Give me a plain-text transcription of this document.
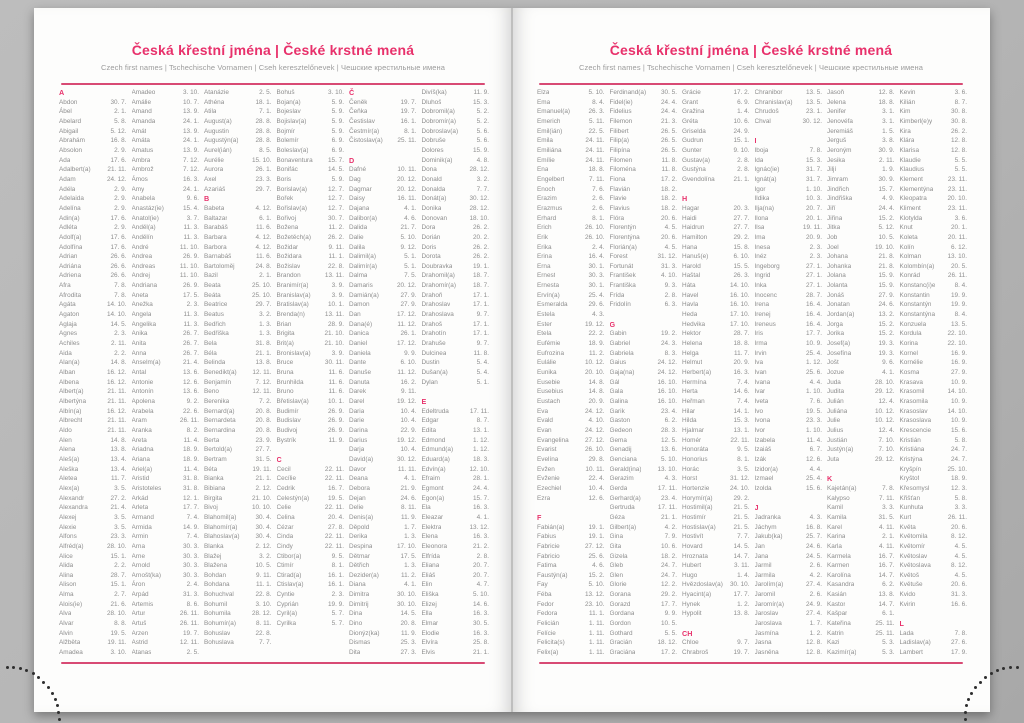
Česká křestní jména | České krstné mená
Czech first names | Tschechische Vornamen | Cseh keresztelőnevek | Чешские крестильные имена
A
Abdon	30. 7.
Ábel	2. 1.
Abelard	5. 8.
Abigail	5. 12.
Abrahám	16. 8.
Absolon	2. 9.
Ada	17. 6.
Adalbert(a)	21. 11.
Adam	24. 12.
Adéla	2. 9.
Adelaida	2. 9.
Adelína	2. 9.
Adin(a)	17. 6.
Adléta	2. 9.
Adolf(a)	17. 6.
Adolfína	17. 6.
Adrian	26. 6.
Adriána	26. 6.
Adriena	26. 6.
Afra	7. 8.
Afrodita	7. 8.
Agáta	14. 10.
Agaton	14. 10.
Aglaja	14. 5.
Agnes	2. 3.
Achiles	2. 11.
Aida	2. 2.
Alan(a)	14. 8.
Alban	16. 12.
Albena	16. 12.
Albert(a)	21. 11.
Albertýna	21. 11.
Albín(a)	16. 12.
Albrecht	21. 11.
Aldo	21. 11.
Alen	14. 8.
Alena	13. 8.
Aleš(a)	13. 4.
Aleška	13. 4.
Aletea	11. 7.
Alex(a)	3. 5.
Alexandr	27. 2.
Alexandra	21. 4.
Alexej	3. 5.
Alexie	3. 5.
Alfons	23. 3.
Alfréd(a)	28. 10.
Alice	15. 1.
Alida	2. 2.
Alina	28. 7.
Alison	15. 1.
Alma	2. 7.
Alois(ie)	21. 6.
Alva	28. 10.
Alvar	8. 8.
Alvin	19. 5.
Alžběta	19. 11.
Amadea	3. 10.
Amadeo	3. 10.
Amálie	10. 7.
Amand	13. 9.
Amanda	24. 1.
Amát	13. 9.
Amáta	24. 1.
Amatus	13. 9.
Ambra	7. 12.
Ambrož	7. 12.
Ámos	16. 3.
Amy	24. 1.
Anabela	9. 6.
Anastáz(ie)	15. 4.
Anatol(ie)	3. 7.
Anděl(a)	11. 3.
Andělín	11. 3.
André	11. 10.
Andrea	26. 9.
Andreas	11. 10.
Andrej	11. 10.
Andriana	26. 9.
Aneta	17. 5.
Anežka	2. 3.
Angela	11. 3.
Angelika	11. 3.
Anika	26. 7.
Anita	26. 7.
Anna	26. 7.
Anselm(a)	21. 4.
Antal	13. 6.
Antonie	12. 6.
Antonín	13. 6.
Apolena	9. 2.
Arabela	22. 6.
Aram	26. 11.
Aranka	8. 2.
Areta	11. 4.
Ariadna	18. 9.
Ariana	18. 9.
Ariel(a)	11. 4.
Aristid	31. 8.
Aristoteles	31. 8.
Arkád	12. 1.
Arleta	17. 7.
Armand	7. 4.
Armida	14. 9.
Armin	7. 4.
Arna	30. 3.
Arne	30. 3.
Arnold	30. 3.
Arnošt(ka)	30. 3.
Áron	2. 4.
Arpád	31. 3.
Artemis	8. 6.
Artur	26. 11.
Artuš	26. 11.
Arzen	19. 7.
Astrid	12. 11.
Atanas	2. 5.
Atanázie	2. 5.
Athéna	18. 1.
Atila	7. 1.
August(a)	28. 8.
Augustin	28. 8.
Augustýn(a)	28. 8.
Aurel(ián)	8. 5.
Aurélie	15. 10.
Aurora	26. 1.
Axel	23. 3.
Azariáš	29. 7.
B
Babeta	4. 12.
Baltazar	6. 1.
Barabáš	11. 6.
Barbara	4. 12.
Barbora	4. 12.
Barnabáš	11. 6.
Bartoloměj	24. 8.
Bazil	2. 1.
Beata	25. 10.
Beáta	25. 10.
Beatrice	29. 7.
Beatus	3. 2.
Bedřich	1. 3.
Bedřiška	1. 3.
Bela	31. 8.
Béla	21. 1.
Belinda	13. 8.
Benedikt(a)	12. 11.
Benjamín	7. 12.
Beno	12. 11.
Berenika	7. 2.
Bernard(a)	20. 8.
Bernardeta	20. 8.
Bernardina	20. 8.
Berta	23. 9.
Bertold(a)	27. 7.
Bertram	31. 5.
Béta	19. 11.
Bianka	21. 1.
Bibiana	2. 12.
Birgita	21. 10.
Bivoj	10. 10.
Blahomil(a)	30. 4.
Blahomír(a)	30. 4.
Blahoslav(a)	30. 4.
Blanka	2. 12.
Blažej	3. 2.
Blažena	10. 5.
Bohdan	9. 11.
Bohdana	11. 1.
Bohuchval	22. 8.
Bohumil	3. 10.
Bohumila	28. 12.
Bohumír(a)	8. 11.
Bohuslav	22. 8.
Bohuslava	7. 7.
Bohuš	3. 10.
Bojan(a)	5. 9.
Bojeslav	5. 9.
Bojislav(a)	5. 9.
Bojmír	5. 9.
Bolemír	6. 9.
Boleslav(a)	6. 9.
Bonaventura	15. 7.
Bonifác	14. 5.
Boris	5. 9.
Borislav(a)	12. 7.
Bořek	12. 7.
Bořislav(a)	12. 7.
Bořivoj	30. 7.
Božena	11. 2.
Božetěch(a)	26. 2.
Božidar	9. 11.
Božidara	11. 1.
Božislav	22. 8.
Brandon	13. 11.
Branimír(a)	3. 9.
Branislav(a)	3. 9.
Bratislav(a)	10. 1.
Brenda(n)	13. 11.
Brian	28. 9.
Brigita	21. 10.
Brit(a)	21. 10.
Bronislav(a)	3. 9.
Bruce	30. 11.
Bruna	11. 6.
Brunhilda	11. 6.
Bruno	11. 6.
Břetislav(a)	10. 1.
Budimír	26. 9.
Budislav	26. 9.
Budivoj	26. 9.
Bystrík	11. 9.
C
Cecil	22. 11.
Cecílie	22. 11.
Cedrik	16. 7.
Celestýn(a)	19. 5.
Celie	22. 11.
Celina	20. 4.
Cézar	27. 8.
Cinda	22. 11.
Cindy	22. 11.
Ctibor(a)	9. 5.
Ctimír	8. 1.
Ctirad(a)	16. 1.
Ctislav(a)	16. 1.
Cyntie	2. 3.
Cyprián	19. 9.
Cyril(a)	5. 7.
Cyrilka	5. 7.
Č
Čeněk	19. 7.
Čeňka	19. 7.
Čestislav	16. 1.
Čestmír(a)	8. 1.
Čistoslav(a)	25. 11.
D
Dafné	10. 11.
Dag	20. 12.
Dagmar	20. 12.
Daisy	16. 11.
Dajana	4. 1.
Dalibor(a)	4. 6.
Dalida	21. 7.
Dalie	5. 10.
Dalila	9. 12.
Dalimil(a)	5. 1.
Dalimír(a)	5. 1.
Dalma	7. 5.
Damaris	20. 12.
Damián(a)	27. 9.
Damon	27. 9.
Dan	17. 12.
Dana(é)	11. 12.
Danica	26. 1.
Daniel	17. 12.
Daniela	9. 9.
Dante	6. 10.
Danuše	11. 12.
Danuta	16. 2.
Darek	9. 11.
Darel	19. 12.
Daria	10. 4.
Darie	10. 4.
Darina	22. 9.
Darius	19. 12.
Darja	10. 4.
David(a)	30. 12.
Davor	11. 11.
Deana	4. 1.
Debora	21. 9.
Dejan	24. 6.
Delie	8. 11.
Denis(a)	11. 9.
Děpold	1. 7.
Derika	1. 3.
Despina	17. 10.
Dětmar	17. 5.
Dětřich	1. 3.
Dezider(a)	11. 2.
Diana	4. 1.
Dimitra	30. 10.
Dimitrij	30. 10.
Dina	14. 5.
Dino	20. 8.
Dionýz(ka)	11. 9.
Dismas	25. 3.
Dita	27. 3.
Divíš(ka)	11. 9.
Dluhoš	15. 3.
Dobromil(a)	5. 2.
Dobromír(a)	5. 2.
Dobroslav(a)	5. 6.
Dobruše	5. 6.
Dolores	15. 9.
Dominik(a)	4. 8.
Dona	28. 12.
Donald	3. 2.
Donalda	7. 7.
Donát(a)	30. 12.
Donika	28. 12.
Donovan	18. 10.
Dora	26. 2.
Dorián	20. 2.
Doris	26. 2.
Dorota	26. 2.
Doubravka	19. 1.
Drahomil(a)	18. 7.
Drahomír(a)	18. 7.
Drahoň	17. 1.
Drahoslav	17. 1.
Drahoslava	9. 7.
Drahoš	17. 1.
Drahotín	17. 1.
Drahuše	9. 7.
Dulcinea	11. 8.
Dustin	5. 4.
Dušan(a)	5. 4.
Dylan	5. 1.
E
Edeltruda	17. 11.
Edgar	8. 7.
Edita	13. 1.
Edmond	1. 12.
Edmund(a)	1. 12.
Eduard(a)	18. 3.
Edvín(a)	12. 10.
Efraim	28. 1.
Egmont	24. 4.
Egon(a)	15. 7.
Ela	16. 3.
Eleazar	4. 1.
Elektra	13. 12.
Elena	16. 3.
Eleonora	21. 2.
Elfrída	2. 8.
Eliana	20. 7.
Eliáš	20. 7.
Elin	4. 7.
Eliška	5. 10.
Elizej	14. 6.
Ella	16. 3.
Elmar	30. 5.
Elodie	16. 3.
Elvíra	25. 8.
Elvis	21. 1.
Česká křestní jména | České krstné mená
Czech first names | Tschechische Vornamen | Cseh keresztelőnevek | Чешские крестильные имена
Elza	5. 10.
Ema	8. 4.
Emanuel(a)	26. 3.
Emerich	5. 11.
Emil(ián)	22. 5.
Emila	24. 11.
Emiliána	24. 11.
Emílie	24. 11.
Ena	18. 8.
Engelbert	7. 11.
Enoch	7. 6.
Erazim	2. 6.
Erazmus	2. 6.
Erhard	8. 1.
Erich	26. 10.
Erik	26. 10.
Erika	2. 4.
Erina	16. 4.
Erna	30. 1.
Ernest	30. 3.
Ernesta	30. 1.
Ervín(a)	25. 4.
Esmeralda	29. 6.
Estela	4. 3.
Ester	19. 12.
Etela	22. 2.
Eufémie	18. 9.
Eufrozina	11. 2.
Eulálie	10. 12.
Eunika	20. 10.
Eusebie	14. 8.
Eusebius	14. 8.
Eustach	20. 9.
Eva	24. 12.
Evald	4. 10.
Evan	24. 12.
Evangelina	27. 12.
Evarist	26. 10.
Evelína	29. 8.
Evžen	10. 11.
Evženie	22. 4.
Ezechiel	10. 4.
Ezra	12. 6.
F
Fabián(a)	19. 1.
Fabius	19. 1.
Fabricie	27. 12.
Fabricio	25. 6.
Fatima	4. 6.
Faustýn(a)	15. 2.
Fay	5. 10.
Féba	13. 12.
Fedor	23. 10.
Fedora	11. 1.
Felicián	1. 11.
Felície	1. 11.
Felicita(s)	1. 11.
Felix(a)	1. 11.
Ferdinand(a)	30. 5.
Fidel(ie)	24. 4.
Fidelius	24. 4.
Filemon	21. 3.
Filibert	26. 5.
Filip(a)	26. 5.
Filipína	26. 5.
Filomen	11. 8.
Filoména	11. 8.
Fiona	17. 2.
Flavián	18. 2.
Flavie	18. 2.
Flavius	18. 2.
Flóra	20. 6.
Florentýn	4. 5.
Florentýna	20. 6.
Florián(a)	4. 5.
Forest	31. 12.
Fortunát	31. 3.
František	4. 10.
Františka	9. 3.
Frída	2. 8.
Fridolín	6. 3.
G
Gabin	19. 2.
Gabriel	24. 3.
Gabriela	8. 3.
Gaius	24. 12.
Gaja(na)	24. 12.
Gál	16. 10.
Gala	16. 10.
Galina	16. 10.
Garik	23. 4.
Gaston	6. 2.
Gedeon	28. 3.
Gema	12. 5.
Genadij	13. 6.
Genciana	5. 10.
Gerald(ina)	13. 10.
Gerazim	4. 3.
Gerda	17. 11.
Gerhard(a)	23. 4.
Gertruda	17. 11.
Géza	21. 1.
Gilbert(a)	4. 2.
Gina	7. 9.
Gita	10. 6.
Gizela	18. 2.
Gleb	24. 7.
Glen	24. 7.
Glorie	12. 2.
Gorana	29. 2.
Gorazd	17. 7.
Gordana	9. 9.
Gordon	10. 5.
Gothard	5. 5.
Gracián	18. 12.
Graciána	17. 2.
Grácie	17. 2.
Grant	6. 9.
Gražina	1. 4.
Gréta	10. 6.
Griselda	24. 9.
Gudrun	15. 1.
Gunter	9. 10.
Gustav(a)	2. 8.
Gustýna	2. 8.
Gvendolína	21. 1.
H
Hagar	20. 3.
Haidi	27. 7.
Haidrun	27. 7.
Hamilton	29. 2.
Hana	15. 8.
Hanuš(e)	6. 10.
Harold	15. 5.
Haštal	26. 3.
Háta	14. 10.
Havel	16. 10.
Havla	16. 10.
Heda	17. 10.
Hedvika	17. 10.
Hektor	28. 7.
Helena	18. 8.
Helga	11. 7.
Helmut	20. 9.
Herbert(a)	16. 3.
Hermína	7. 4.
Herta	14. 6.
Heřman	7. 4.
Hilar	14. 1.
Hilda	15. 3.
Hjalmar	13. 1.
Homér	22. 11.
Honoráta	9. 5.
Honorius	8. 1.
Horác	3. 5.
Horst	31. 12.
Hortenzie	24. 10.
Horymír(a)	29. 2.
Hostimil(a)	21. 5.
Hostimír	21. 5.
Hostislav(a)	21. 5.
Hostivít	7. 7.
Hovard	14. 5.
Hroznata	14. 7.
Hubert	3. 11.
Hugo	1. 4.
Hvězdoslav(a)	30. 10.
Hyacint(a)	17. 7.
Hynek	1. 2.
Hypolit	13. 8.
CH
Chloe	9. 7.
Chrabroš	19. 7.
Chranibor	13. 5.
Chranislav(a)	13. 5.
Chrudoš	23. 1.
Chval	30. 12.
I
Iboja	7. 8.
Ida	15. 3.
Ignác(ie)	31. 7.
Ignát(a)	31. 7.
Igor	1. 10.
Ildika	10. 3.
Ilja(na)	20. 7.
Ilona	20. 1.
Ilsa	19. 11.
Ima	20. 9.
Inesa	2. 3.
Inéz	2. 3.
Ingeborg	27. 1.
Ingrid	27. 1.
Inka	27. 1.
Inocenc	28. 7.
Irena	16. 4.
Irenej	16. 4.
Ireneus	16. 4.
Iris	17. 7.
Irma	10. 9.
Irvin	25. 4.
Iva	1. 12.
Ivan	25. 6.
Ivana	4. 4.
Ivar	1. 10.
Iveta	7. 6.
Ivo	19. 5.
Ivona	23. 3.
Ivor	1. 10.
Izabela	11. 4.
Izaiáš	6. 7.
Izák	12. 6.
Izidor(a)	4. 4.
Izmael	25. 4.
Izolda	15. 6.
J
Jadranka	4. 3.
Jáchym	16. 8.
Jakub(ka)	25. 7.
Jan	24. 6.
Jana	24. 5.
Jarmil	2. 6.
Jarmila	4. 2.
Jarolím(a)	27. 4.
Jaromil	2. 6.
Jaromír(a)	24. 9.
Jaroslav	27. 4.
Jaroslava	1. 7.
Jasmína	1. 2.
Jasna	12. 8.
Jasněna	12. 8.
Jasoň	12. 8.
Jelena	18. 8.
Jenifer	3. 1.
Jenovéfa	3. 1.
Jeremiáš	1. 5.
Jerguš	3. 8.
Jeroným	30. 9.
Jesika	2. 11.
Jiljí	1. 9.
Jimram	30. 9.
Jindřich	15. 7.
Jindřiška	4. 9.
Jiří	24. 4.
Jiřina	15. 2.
Jitka	5. 12.
Job	10. 5.
Joel	19. 10.
Johana	21. 8.
Johanka	21. 8.
Jolana	15. 9.
Jolanta	15. 9.
Jonáš	27. 9.
Jonatan	24. 6.
Jordan(a)	13. 2.
Jorga	15. 2.
Jorika	15. 2.
Josef(a)	19. 3.
Josefína	19. 3.
Jošt	9. 6.
Jozue	4. 1.
Juda	28. 10.
Judita	29. 12.
Julián	12. 4.
Juliána	10. 12.
Julie	10. 12.
Julius	12. 4.
Justián	7. 10.
Justýn(a)	7. 10.
Juta	29. 12.
K
Kajetán(a)	7. 8.
Kalypso	7. 11.
Kamil	3. 3.
Kamila	31. 5.
Karel	4. 11.
Karina	2. 1.
Karla	4. 11.
Karmela	16. 7.
Karmen	16. 7.
Karolína	14. 7.
Kasandra	6. 2.
Kasián	13. 8.
Kastor	14. 7.
Kašpar	6. 1.
Kateřina	25. 11.
Katrin	25. 11.
Kazi	5. 3.
Kazimír(a)	5. 3.
Kevin	3. 6.
Kilián	8. 7.
Kim	30. 8.
Kimberl(e)y	30. 8.
Kira	26. 2.
Klára	12. 8.
Klarisa	12. 8.
Klaudie	5. 5.
Klaudius	5. 5.
Klement	23. 11.
Klementýna	23. 11.
Kleopatra	20. 10.
Kliment	23. 11.
Klotylda	3. 6.
Knut	20. 1.
Koleta	20. 11.
Kolín	6. 12.
Kolman	13. 10.
Kolombín(a)	20. 5.
Konrád	26. 11.
Konstanc(i)e	8. 4.
Konstantin	19. 9.
Konstantýn	19. 9.
Konstantýna	8. 4.
Konzuela	13. 5.
Kordula	22. 10.
Korina	22. 10.
Kornel	16. 9.
Kornélie	16. 9.
Kosma	27. 9.
Krasava	10. 9.
Krasomil	14. 10.
Krasomila	10. 9.
Krasoslav	14. 10.
Krasoslava	10. 9.
Krescencie	15. 6.
Kristián	5. 8.
Kristiána	24. 7.
Kristýna	24. 7.
Kryšpín	25. 10.
Kryštof	18. 9.
Křesomysl	12. 3.
Křišťan	5. 8.
Kunhuta	3. 3.
Kurt	26. 11.
Květa	20. 6.
Květomila	8. 12.
Květomír	4. 5.
Květoslav	4. 5.
Květoslava	8. 12.
Květoš	4. 5.
Květuše	20. 6.
Kvido	31. 3.
Kvirin	16. 6.
L
Lada	7. 8.
Ladislav(a)	27. 6.
Lambert	17. 9.
